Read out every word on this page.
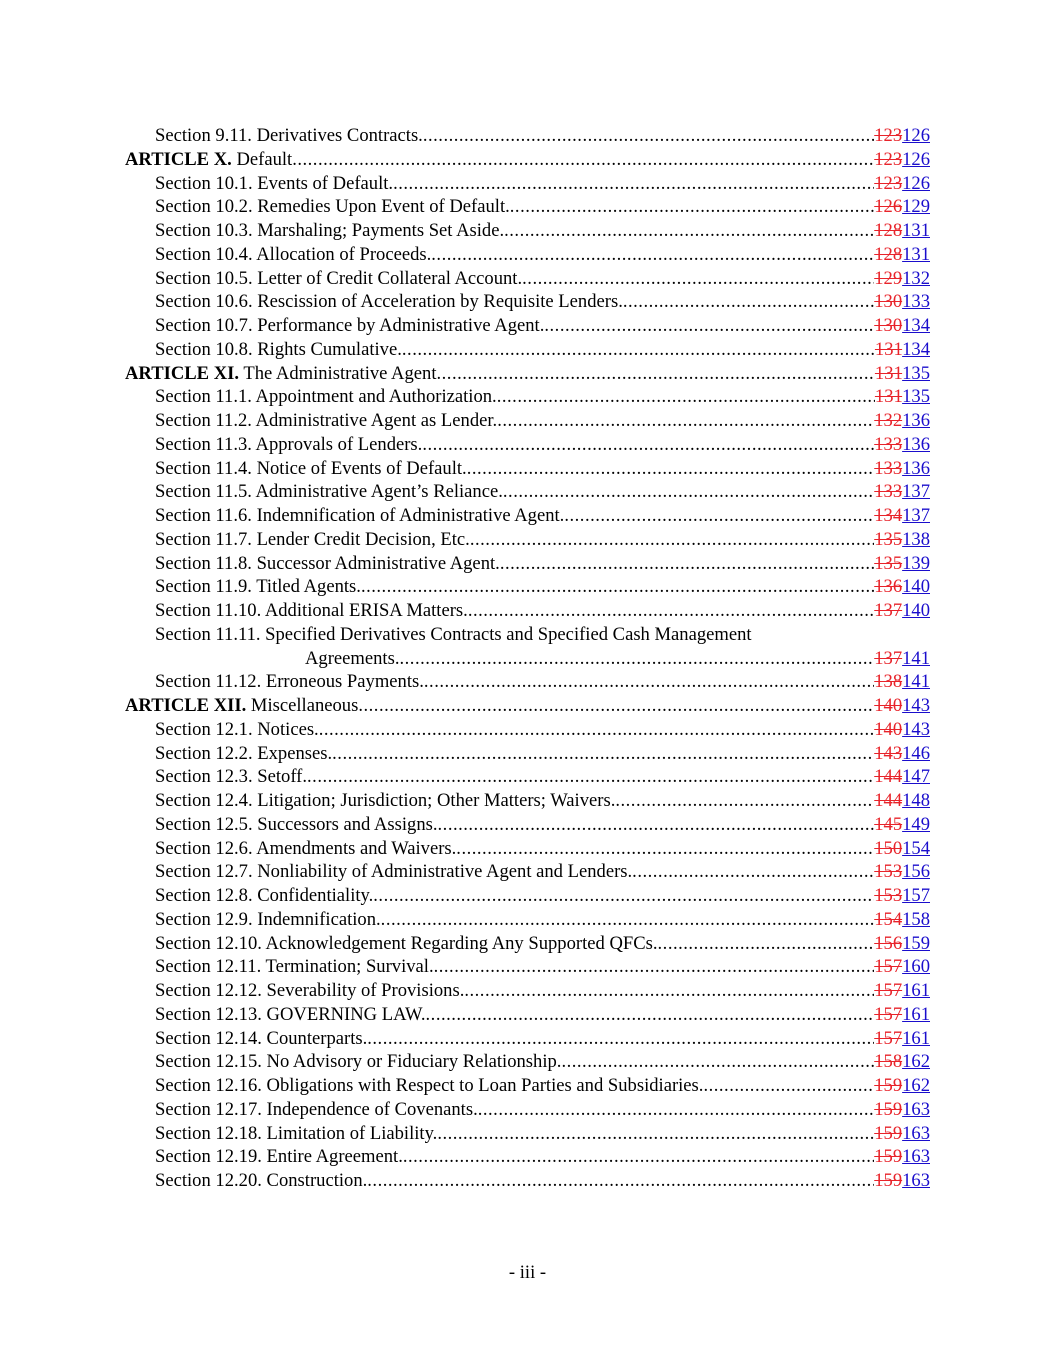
Section 9.11. Derivatives Contracts. .....	123126
ARTICLE X. Default .....	123126
Section 10.1. Events of Default. .....	123126
Section 10.2. Remedies Upon Event of Default. .....	126129
Section 10.3. Marshaling; Payments Set Aside. .....	128131
Section 10.4. Allocation of Proceeds. .....	128131
Section 10.5. Letter of Credit Collateral Account. .....	129132
Section 10.6. Rescission of Acceleration by Requisite Lenders. .....	130133
Section 10.7. Performance by Administrative Agent. .....	130134
Section 10.8. Rights Cumulative. .....	131134
ARTICLE XI. The Administrative Agent .....	131135
Section 11.1. Appointment and Authorization. .....	131135
Section 11.2. Administrative Agent as Lender. .....	132136
Section 11.3. Approvals of Lenders. .....	133136
Section 11.4. Notice of Events of Default. .....	133136
Section 11.5. Administrative Agent’s Reliance. .....	133137
Section 11.6. Indemnification of Administrative Agent. .....	134137
Section 11.7. Lender Credit Decision, Etc. .....	135138
Section 11.8. Successor Administrative Agent. .....	135139
Section 11.9. Titled Agents. .....	136140
Section 11.10. Additional ERISA Matters. .....	137140
Section 11.11. Specified Derivatives Contracts and Specified Cash Management
Agreements. .....	137141
Section 11.12. Erroneous Payments. .....	138141
ARTICLE XII. Miscellaneous .....	140143
Section 12.1. Notices. .....	140143
Section 12.2. Expenses. .....	143146
Section 12.3. Setoff. .....	144147
Section 12.4. Litigation; Jurisdiction; Other Matters; Waivers. .....	144148
Section 12.5. Successors and Assigns. .....	145149
Section 12.6. Amendments and Waivers. .....	150154
Section 12.7. Nonliability of Administrative Agent and Lenders. .....	153156
Section 12.8. Confidentiality. .....	153157
Section 12.9. Indemnification. .....	154158
Section 12.10. Acknowledgement Regarding Any Supported QFCs. .....	156159
Section 12.11. Termination; Survival. .....	157160
Section 12.12. Severability of Provisions. .....	157161
Section 12.13. GOVERNING LAW. .....	157161
Section 12.14. Counterparts. .....	157161
Section 12.15. No Advisory or Fiduciary Relationship. .....	158162
Section 12.16. Obligations with Respect to Loan Parties and Subsidiaries. .....	159162
Section 12.17. Independence of Covenants. .....	159163
Section 12.18. Limitation of Liability. .....	159163
Section 12.19. Entire Agreement. .....	159163
Section 12.20. Construction. .....	159163
- iii -
